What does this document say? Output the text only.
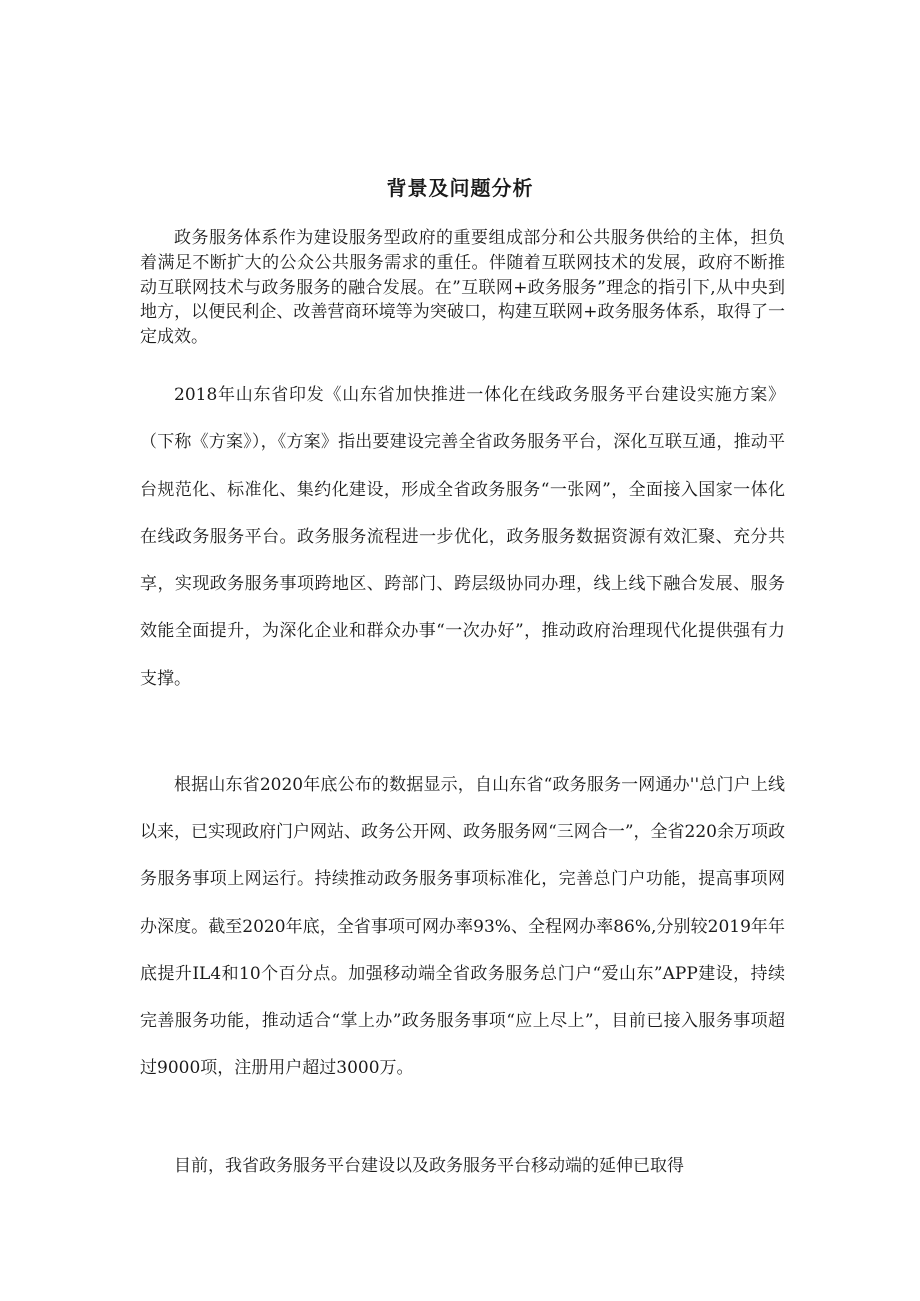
背景及问题分析

政务服务体系作为建设服务型政府的重要组成部分和公共服务供给的主体，担负着满足不断扩大的公众公共服务需求的重任。伴随着互联网技术的发展，政府不断推动互联网技术与政务服务的融合发展。在”互联网+政务服务”理念的指引下,从中央到地方，以便民利企、改善营商环境等为突破口，构建互联网+政务服务体系，取得了一定成效。

2018年山东省印发《山东省加快推进一体化在线政务服务平台建设实施方案》（下称《方案》），《方案》指出要建设完善全省政务服务平台，深化互联互通，推动平台规范化、标准化、集约化建设，形成全省政务服务“一张网”，全面接入国家一体化在线政务服务平台。政务服务流程进一步优化，政务服务数据资源有效汇聚、充分共享，实现政务服务事项跨地区、跨部门、跨层级协同办理，线上线下融合发展、服务效能全面提升，为深化企业和群众办事“一次办好”，推动政府治理现代化提供强有力支撑。

根据山东省2020年底公布的数据显示，自山东省“政务服务一网通办''总门户上线以来，已实现政府门户网站、政务公开网、政务服务网“三网合一”，全省220余万项政务服务事项上网运行。持续推动政务服务事项标准化，完善总门户功能，提高事项网办深度。截至2020年底，全省事项可网办率93%、全程网办率86%,分别较2019年年底提升IL4和10个百分点。加强移动端全省政务服务总门户“爱山东”APP建设，持续完善服务功能，推动适合“掌上办”政务服务事项“应上尽上”，目前已接入服务事项超过9000项，注册用户超过3000万。

目前，我省政务服务平台建设以及政务服务平台移动端的延伸已取得
